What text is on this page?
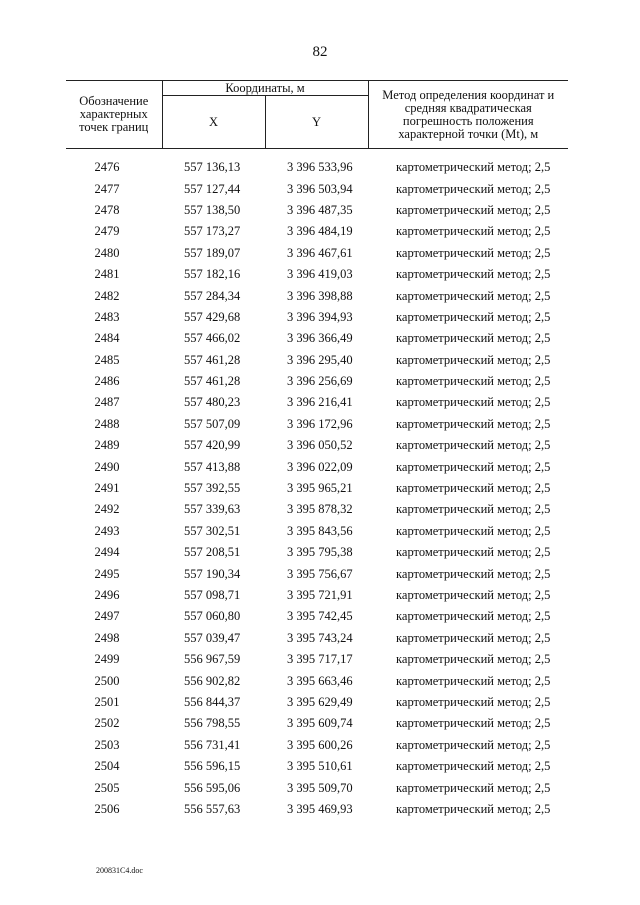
82
Обозначение характерных точек границ	Координаты, м		Метод определения координат и средняя квадратическая погрешность положения характерной точки (Mt), м
	X	Y	
2476	557 136,13	3 396 533,96	картометрический метод; 2,5
2477	557 127,44	3 396 503,94	картометрический метод; 2,5
2478	557 138,50	3 396 487,35	картометрический метод; 2,5
2479	557 173,27	3 396 484,19	картометрический метод; 2,5
2480	557 189,07	3 396 467,61	картометрический метод; 2,5
2481	557 182,16	3 396 419,03	картометрический метод; 2,5
2482	557 284,34	3 396 398,88	картометрический метод; 2,5
2483	557 429,68	3 396 394,93	картометрический метод; 2,5
2484	557 466,02	3 396 366,49	картометрический метод; 2,5
2485	557 461,28	3 396 295,40	картометрический метод; 2,5
2486	557 461,28	3 396 256,69	картометрический метод; 2,5
2487	557 480,23	3 396 216,41	картометрический метод; 2,5
2488	557 507,09	3 396 172,96	картометрический метод; 2,5
2489	557 420,99	3 396 050,52	картометрический метод; 2,5
2490	557 413,88	3 396 022,09	картометрический метод; 2,5
2491	557 392,55	3 395 965,21	картометрический метод; 2,5
2492	557 339,63	3 395 878,32	картометрический метод; 2,5
2493	557 302,51	3 395 843,56	картометрический метод; 2,5
2494	557 208,51	3 395 795,38	картометрический метод; 2,5
2495	557 190,34	3 395 756,67	картометрический метод; 2,5
2496	557 098,71	3 395 721,91	картометрический метод; 2,5
2497	557 060,80	3 395 742,45	картометрический метод; 2,5
2498	557 039,47	3 395 743,24	картометрический метод; 2,5
2499	556 967,59	3 395 717,17	картометрический метод; 2,5
2500	556 902,82	3 395 663,46	картометрический метод; 2,5
2501	556 844,37	3 395 629,49	картометрический метод; 2,5
2502	556 798,55	3 395 609,74	картометрический метод; 2,5
2503	556 731,41	3 395 600,26	картометрический метод; 2,5
2504	556 596,15	3 395 510,61	картометрический метод; 2,5
2505	556 595,06	3 395 509,70	картометрический метод; 2,5
2506	556 557,63	3 395 469,93	картометрический метод; 2,5
200831С4.doc
